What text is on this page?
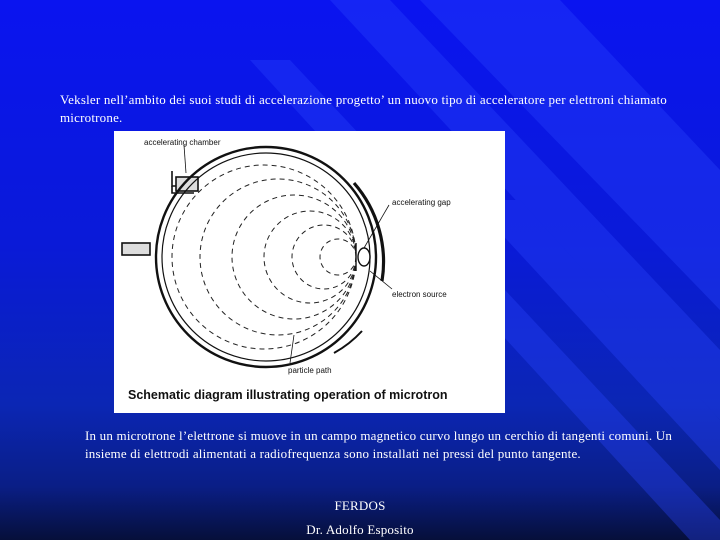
Veksler nell’ambito dei suoi studi di accelerazione progetto’ un nuovo tipo di acceleratore per elettroni chiamato microtrone.
accelerating chamber
accelerating gap
electron source
particle path
Schematic diagram illustrating operation of microtron
In un microtrone l’elettrone si muove in un campo magnetico curvo lungo un cerchio di tangenti comuni. Un insieme di elettrodi alimentati a radiofrequenza sono installati nei pressi del punto tangente.
FERDOS
Dr. Adolfo Esposito
